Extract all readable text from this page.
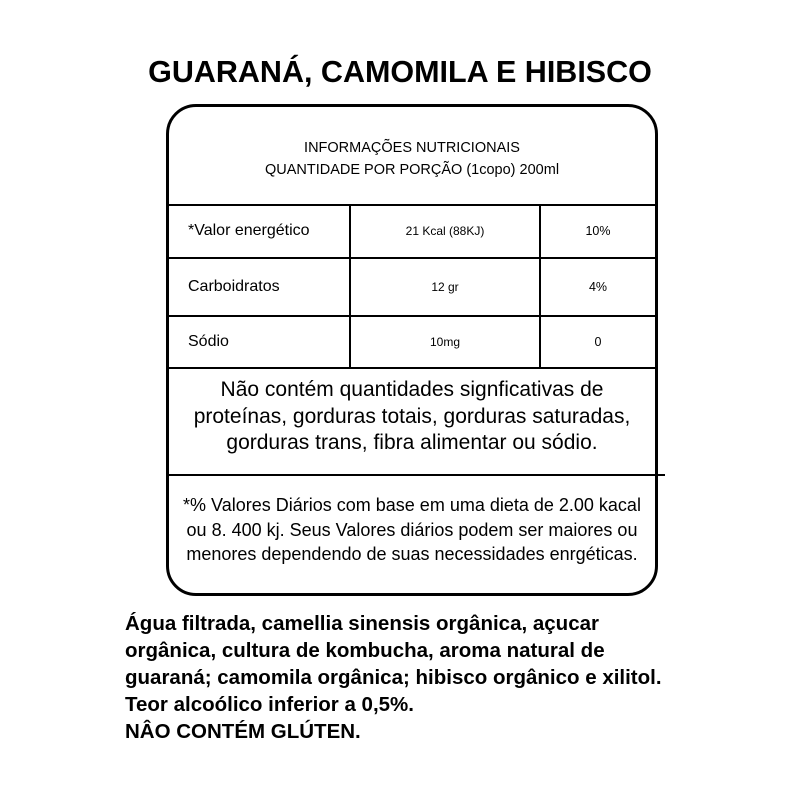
GUARANÁ, CAMOMILA E HIBISCO
INFORMAÇÕES NUTRICIONAIS
QUANTIDADE POR PORÇÃO (1copo) 200ml
*Valor energético	21 Kcal (88KJ)	10%
Carboidratos	12 gr	4%
Sódio	10mg	0
Não contém quantidades signficativas de
proteínas, gorduras totais, gorduras saturadas,
gorduras trans, fibra alimentar ou sódio.
*% Valores Diários com base em uma dieta de 2.00 kacal
ou 8. 400 kj. Seus Valores diários podem ser maiores ou
menores dependendo de suas necessidades enrgéticas.
Água filtrada, camellia sinensis orgânica, açucar
orgânica, cultura de kombucha, aroma natural de
guaraná; camomila orgânica; hibisco orgânico e xilitol.
Teor alcoólico inferior a 0,5%.
NÂO CONTÉM GLÚTEN.
